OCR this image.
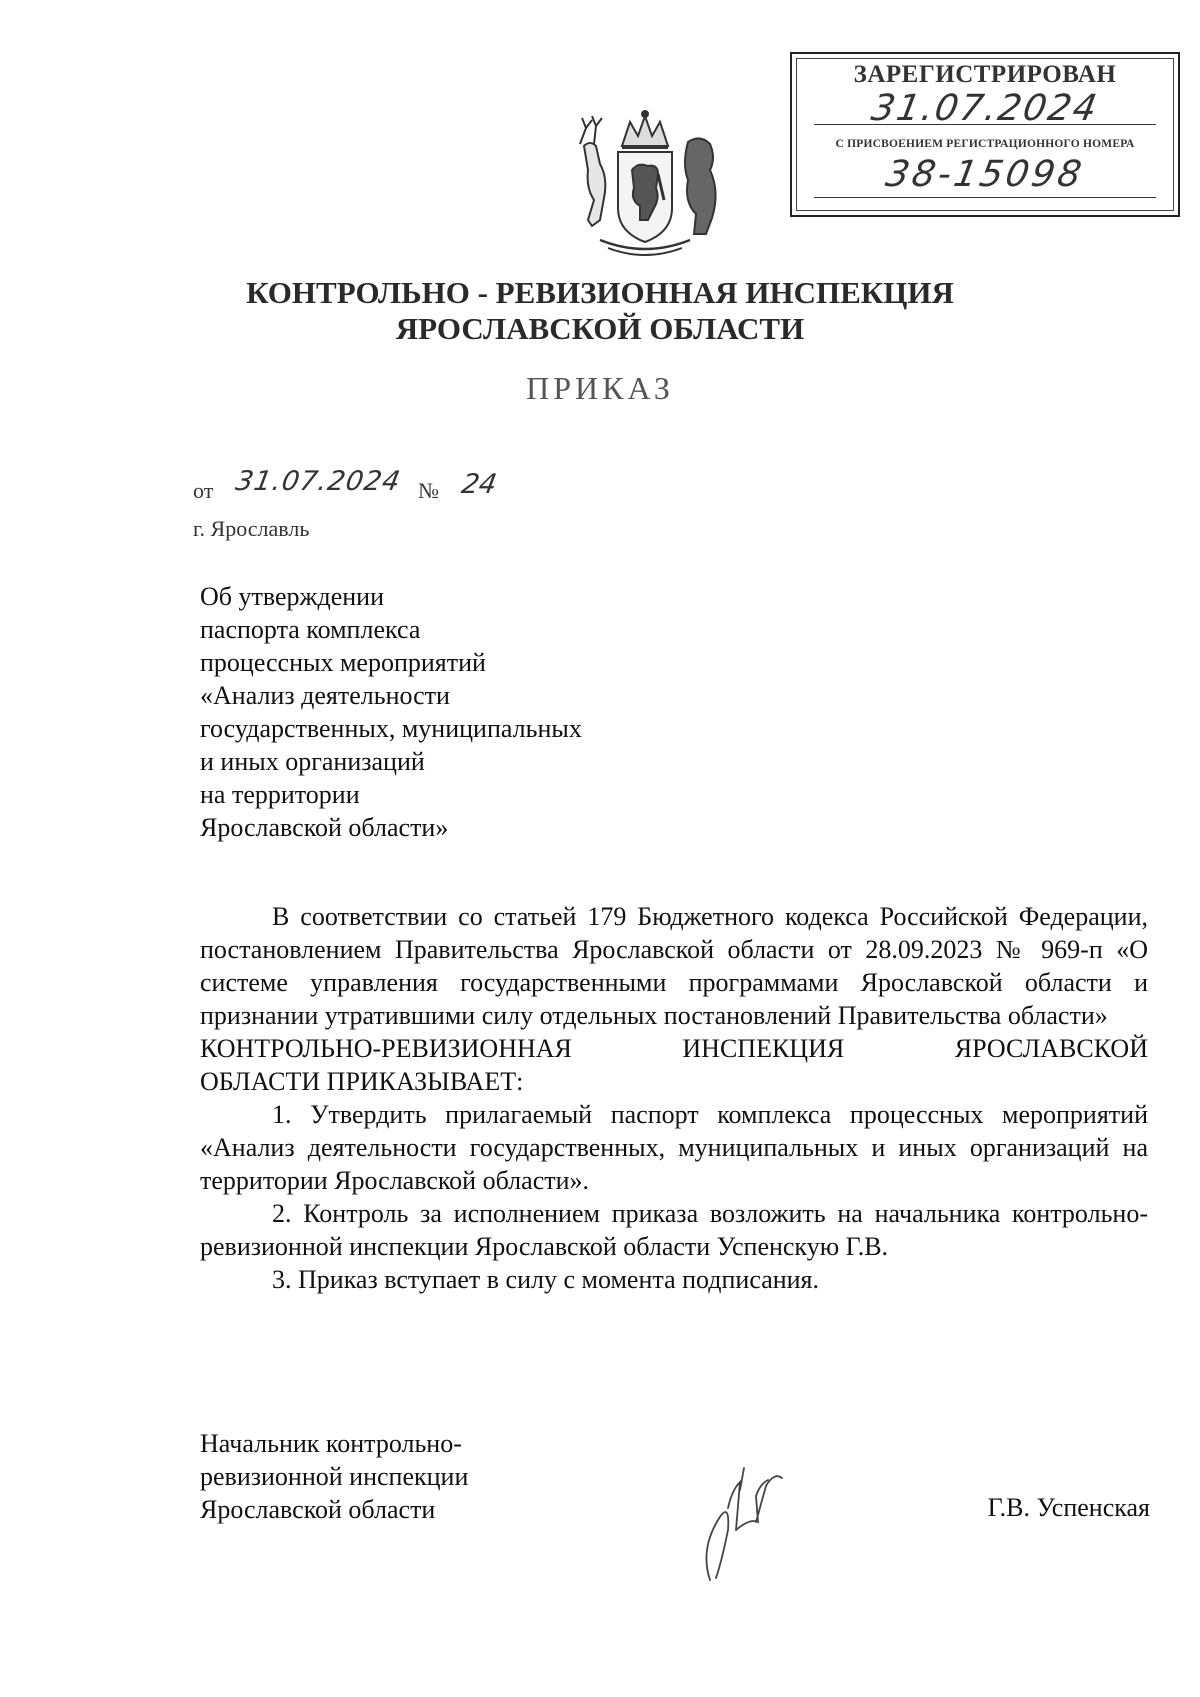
ЗАРЕГИСТРИРОВАН
31.07.2024
С ПРИСВОЕНИЕМ РЕГИСТРАЦИОННОГО НОМЕРА
38-15098
КОНТРОЛЬНО - РЕВИЗИОННАЯ ИНСПЕКЦИЯ
ЯРОСЛАВСКОЙ ОБЛАСТИ
ПРИКАЗ
от 31.07.2024 № 24
г. Ярославль
Об утверждении
паспорта комплекса
процессных мероприятий
«Анализ деятельности
государственных, муниципальных
и иных организаций
на территории
Ярославской области»

В соответствии со статьей 179 Бюджетного кодекса Российской Федерации, постановлением Правительства Ярославской области от 28.09.2023 № 969-п «О системе управления государственными программами Ярославской области и признании утратившими силу отдельных постановлений Правительства области»

КОНТРОЛЬНО-РЕВИЗИОННАЯ ИНСПЕКЦИЯ ЯРОСЛАВСКОЙ

ОБЛАСТИ ПРИКАЗЫВАЕТ:

1. Утвердить прилагаемый паспорт комплекса процессных мероприятий «Анализ деятельности государственных, муниципальных и иных организаций на территории Ярославской области».

2. Контроль за исполнением приказа возложить на начальника контрольно-ревизионной инспекции Ярославской области Успенскую Г.В.

3. Приказ вступает в силу с момента подписания.

Начальник контрольно-
ревизионной инспекции
Ярославской области	Г.В. Успенская
